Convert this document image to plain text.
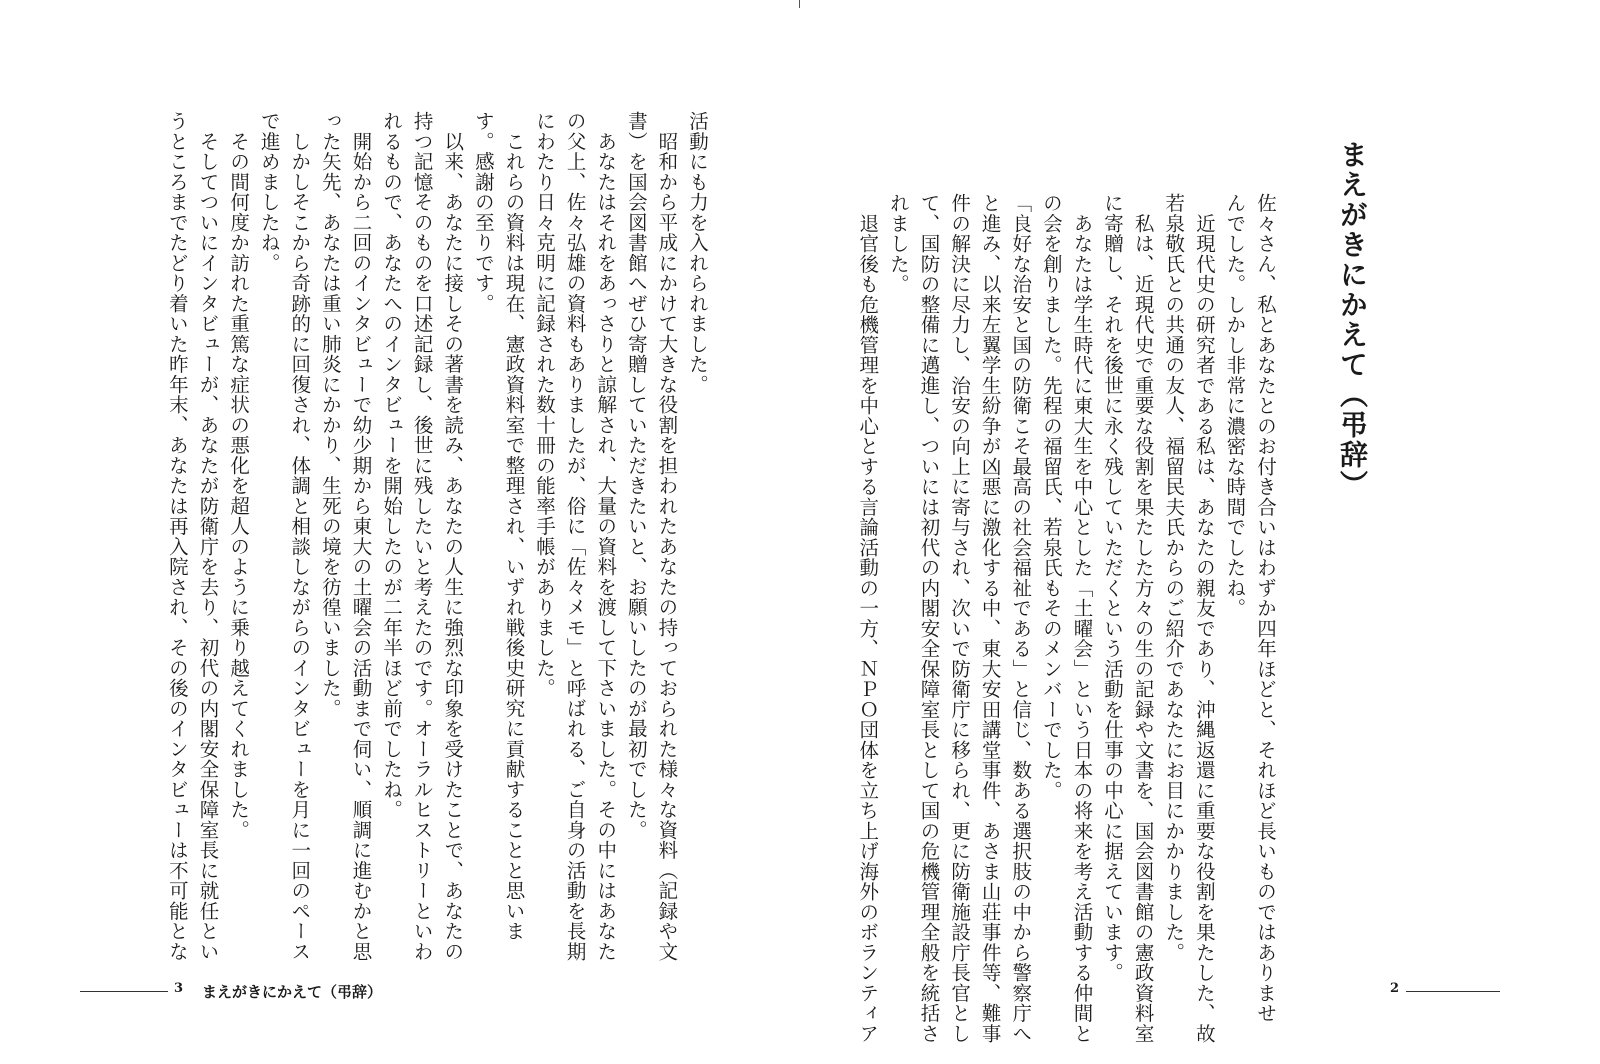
まえがきにかえて（弔辞）
佐々さん、私とあなたとのお付き合いはわずか四年ほどと、それほど長いものではありませ
んでした。しかし非常に濃密な時間でしたね。
　近現代史の研究者である私は、あなたの親友であり、沖縄返還に重要な役割を果たした、故
若泉敬氏との共通の友人、福留民夫氏からのご紹介であなたにお目にかかりました。
　私は、近現代史で重要な役割を果たした方々の生の記録や文書を、国会図書館の憲政資料室
に寄贈し、それを後世に永く残していただくという活動を仕事の中心に据えています。
　あなたは学生時代に東大生を中心とした「土曜会」という日本の将来を考え活動する仲間と
の会を創りました。先程の福留氏、若泉氏もそのメンバーでした。
「良好な治安と国の防衛こそ最高の社会福祉である」と信じ、数ある選択肢の中から警察庁へ
と進み、以来左翼学生紛争が凶悪に激化する中、東大安田講堂事件、あさま山荘事件等、難事
件の解決に尽力し、治安の向上に寄与され、次いで防衛庁に移られ、更に防衛施設庁長官とし
て、国防の整備に邁進し、ついには初代の内閣安全保障室長として国の危機管理全般を統括さ
れました。
　退官後も危機管理を中心とする言論活動の一方、ＮＰＯ団体を立ち上げ海外のボランティア	2
活動にも力を入れられました。
　昭和から平成にかけて大きな役割を担われたあなたの持っておられた様々な資料（記録や文
書）を国会図書館へぜひ寄贈していただきたいと、お願いしたのが最初でした。
　あなたはそれをあっさりと諒解され、大量の資料を渡して下さいました。その中にはあなた
の父上、佐々弘雄の資料もありましたが、俗に「佐々メモ」と呼ばれる、ご自身の活動を長期
にわたり日々克明に記録された数十冊の能率手帳がありました。
　これらの資料は現在、憲政資料室で整理され、いずれ戦後史研究に貢献することと思いま
す。感謝の至りです。
　以来、あなたに接しその著書を読み、あなたの人生に強烈な印象を受けたことで、あなたの
持つ記憶そのものを口述記録し、後世に残したいと考えたのです。オーラルヒストリーといわ
れるもので、あなたへのインタビューを開始したのが二年半ほど前でしたね。
　開始から二回のインタビューで幼少期から東大の土曜会の活動まで伺い、順調に進むかと思
った矢先、あなたは重い肺炎にかかり、生死の境を彷徨いました。
　しかしそこから奇跡的に回復され、体調と相談しながらのインタビューを月に一回のペース
で進めましたね。
　その間何度か訪れた重篤な症状の悪化を超人のように乗り越えてくれました。
　そしてついにインタビューが、あなたが防衛庁を去り、初代の内閣安全保障室長に就任とい
うところまでたどり着いた昨年末、あなたは再入院され、その後のインタビューは不可能とな
3 まえがきにかえて（弔辞）
